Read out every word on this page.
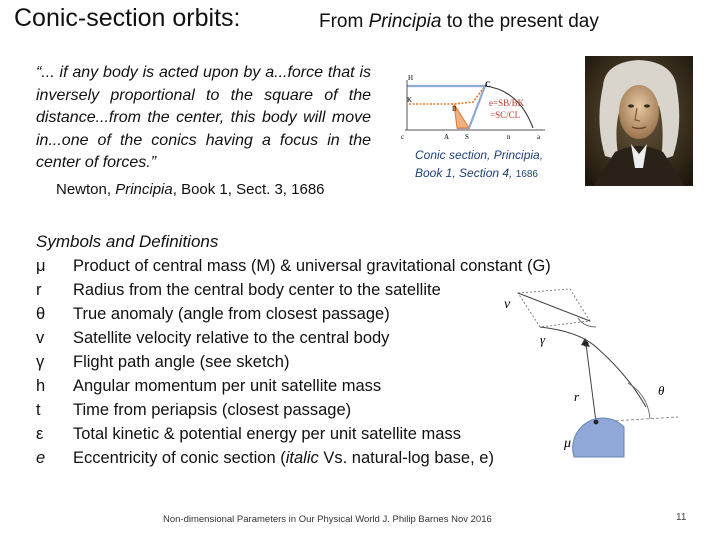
Conic-section orbits:	From Principia to the present day
“... if any body is acted upon by a...force that is inversely proportional to the square of the distance...from the center, this body will move in...one of the conics having a focus in the center of forces.”
Newton, Principia, Book 1, Sect. 3, 1686
H
C
K
B
c	A S	n	a
e=SB/BK
=SC/CL
Conic section, Principia, Book 1, Section 4, 1686
Symbols and Definitions
μ Product of central mass (M) & universal gravitational constant (G)
r Radius from the central body center to the satellite
θ True anomaly (angle from closest passage)
v Satellite velocity relative to the central body
γ Flight path angle (see sketch)
h Angular momentum per unit satellite mass
t Time from periapsis (closest passage)
ε Total kinetic & potential energy per unit satellite mass
e Eccentricity of conic section (italic Vs. natural-log base, e)
v
γ
r	θ
μ
Non-dimensional Parameters in Our Physical World J. Philip Barnes Nov 2016	11
